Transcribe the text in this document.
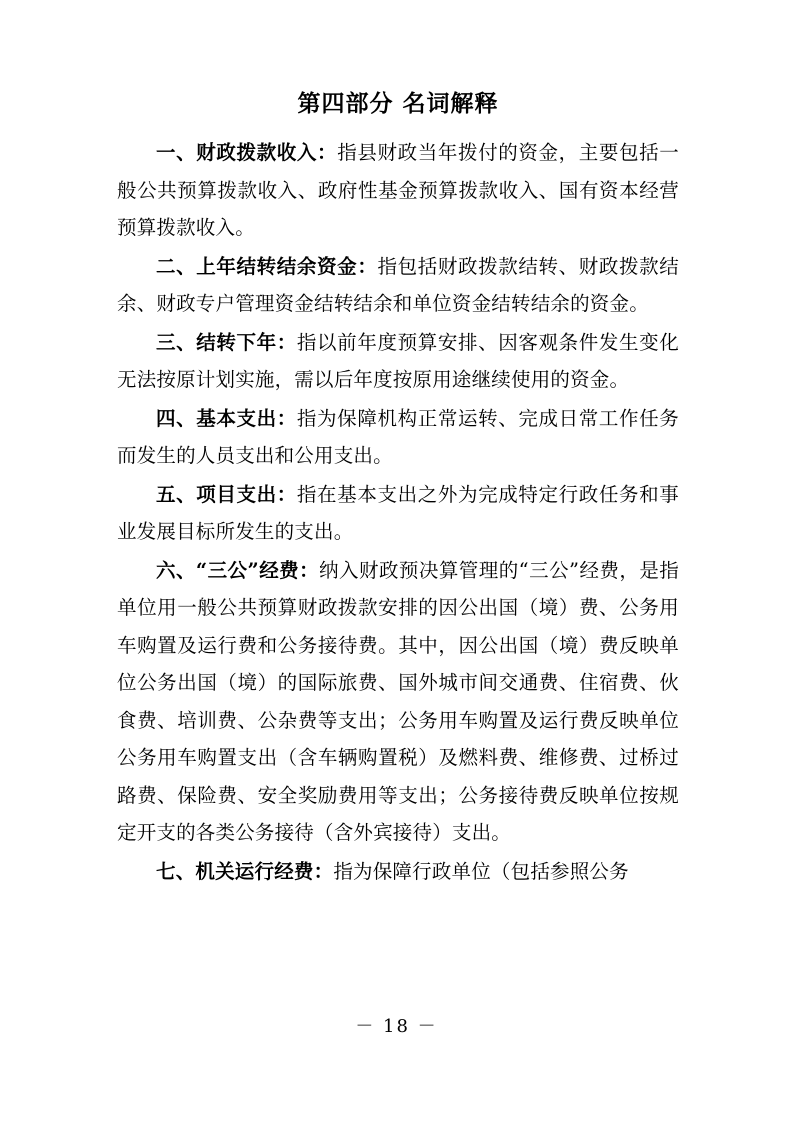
第四部分 名词解释

一、财政拨款收入：指县财政当年拨付的资金，主要包括一般公共预算拨款收入、政府性基金预算拨款收入、国有资本经营预算拨款收入。

二、上年结转结余资金：指包括财政拨款结转、财政拨款结余、财政专户管理资金结转结余和单位资金结转结余的资金。

三、结转下年：指以前年度预算安排、因客观条件发生变化无法按原计划实施，需以后年度按原用途继续使用的资金。

四、基本支出：指为保障机构正常运转、完成日常工作任务而发生的人员支出和公用支出。

五、项目支出：指在基本支出之外为完成特定行政任务和事业发展目标所发生的支出。

六、“三公”经费：纳入财政预决算管理的“三公”经费，是指单位用一般公共预算财政拨款安排的因公出国（境）费、公务用车购置及运行费和公务接待费。其中，因公出国（境）费反映单位公务出国（境）的国际旅费、国外城市间交通费、住宿费、伙食费、培训费、公杂费等支出；公务用车购置及运行费反映单位公务用车购置支出（含车辆购置税）及燃料费、维修费、过桥过路费、保险费、安全奖励费用等支出；公务接待费反映单位按规定开支的各类公务接待（含外宾接待）支出。

七、机关运行经费：指为保障行政单位（包括参照公务

－ 18 －
